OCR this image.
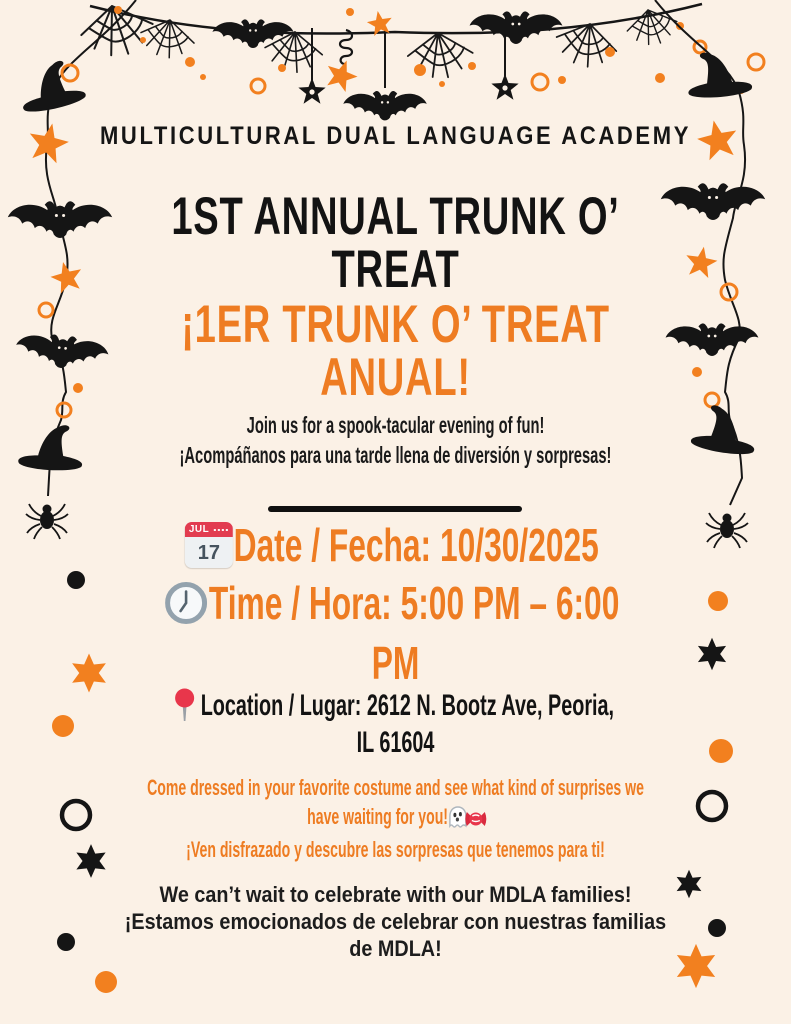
MULTICULTURAL DUAL LANGUAGE ACADEMY
1ST ANNUAL TRUNK O’
TREAT
¡1ER TRUNK O’ TREAT
ANUAL!
Join us for a spook-tacular evening of fun!
¡Acompáñanos para una tarde llena de diversión y sorpresas!
JUL
17 Date / Fecha: 10/30/2025
Time / Hora: 5:00 PM – 6:00
PM
Location / Lugar: 2612 N. Bootz Ave, Peoria,
IL 61604
Come dressed in your favorite costume and see what kind of surprises we
have waiting for you!
¡Ven disfrazado y descubre las sorpresas que tenemos para ti!
We can’t wait to celebrate with our MDLA families!
¡Estamos emocionados de celebrar con nuestras familias
de MDLA!
